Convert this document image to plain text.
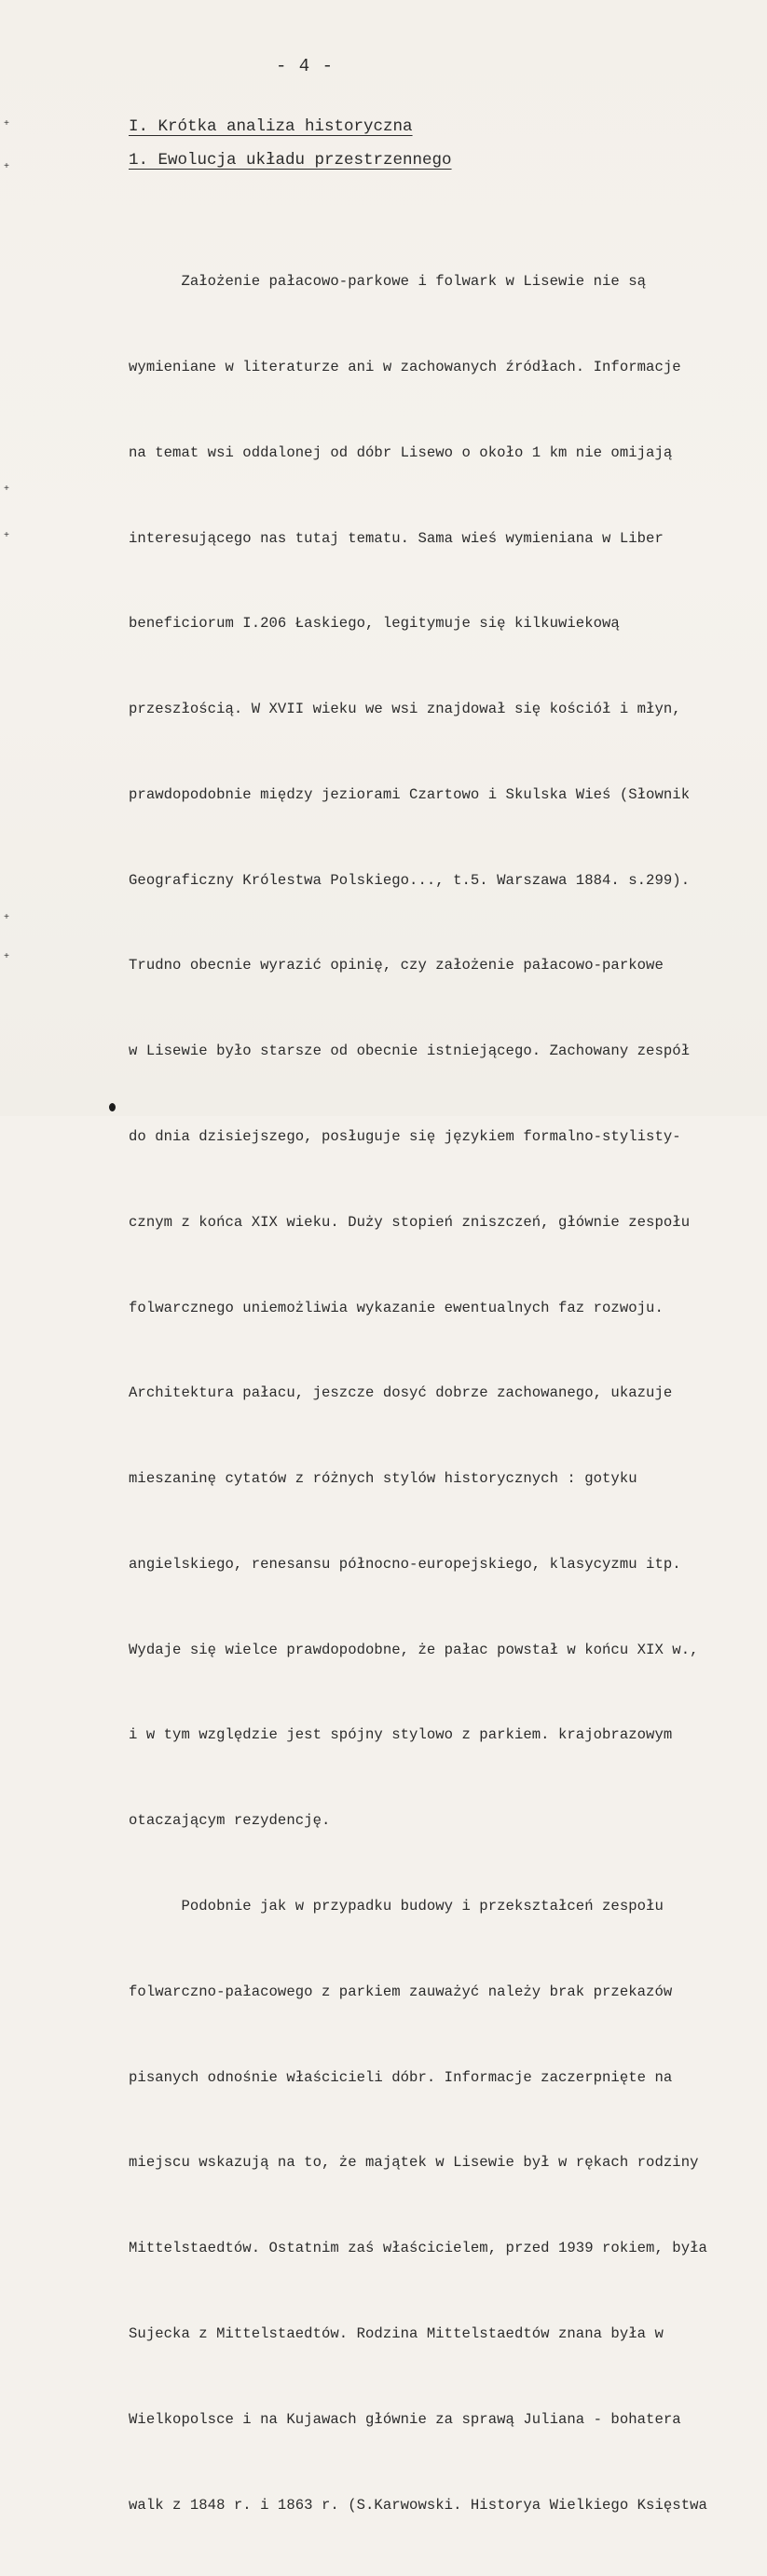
- 4 -
I. Krótka analiza historyczna
1. Ewolucja układu przestrzennego

Założenie pałacowo-parkowe i folwark w Lisewie nie są

wymieniane w literaturze ani w zachowanych źródłach. Informacje

na temat wsi oddalonej od dóbr Lisewo o około 1 km nie omijają

interesującego nas tutaj tematu. Sama wieś wymieniana w Liber

beneficiorum I.206 Łaskiego, legitymuje się kilkuwiekową

przeszłością. W XVII wieku we wsi znajdował się kościół i młyn,

prawdopodobnie między jeziorami Czartowo i Skulska Wieś (Słownik

Geograficzny Królestwa Polskiego..., t.5. Warszawa 1884. s.299).

Trudno obecnie wyrazić opinię, czy założenie pałacowo-parkowe

w Lisewie było starsze od obecnie istniejącego. Zachowany zespół

do dnia dzisiejszego, posługuje się językiem formalno-stylisty-

cznym z końca XIX wieku. Duży stopień zniszczeń, głównie zespołu

folwarcznego uniemożliwia wykazanie ewentualnych faz rozwoju.

Architektura pałacu, jeszcze dosyć dobrze zachowanego, ukazuje

mieszaninę cytatów z różnych stylów historycznych : gotyku

angielskiego, renesansu północno-europejskiego, klasycyzmu itp.

Wydaje się wielce prawdopodobne, że pałac powstał w końcu XIX w.,

i w tym względzie jest spójny stylowo z parkiem. krajobrazowym

otaczającym rezydencję.

Podobnie jak w przypadku budowy i przekształceń zespołu

folwarczno-pałacowego z parkiem zauważyć należy brak przekazów

pisanych odnośnie właścicieli dóbr. Informacje zaczerpnięte na

miejscu wskazują na to, że majątek w Lisewie był w rękach rodziny

Mittelstaedtów. Ostatnim zaś właścicielem, przed 1939 rokiem, była

Sujecka z Mittelstaedtów. Rodzina Mittelstaedtów znana była w

Wielkopolsce i na Kujawach głównie za sprawą Juliana - bohatera

walk z 1848 r. i 1863 r. (S.Karwowski. Historya Wielkiego Księstwa

+
+
+
+
+
+
